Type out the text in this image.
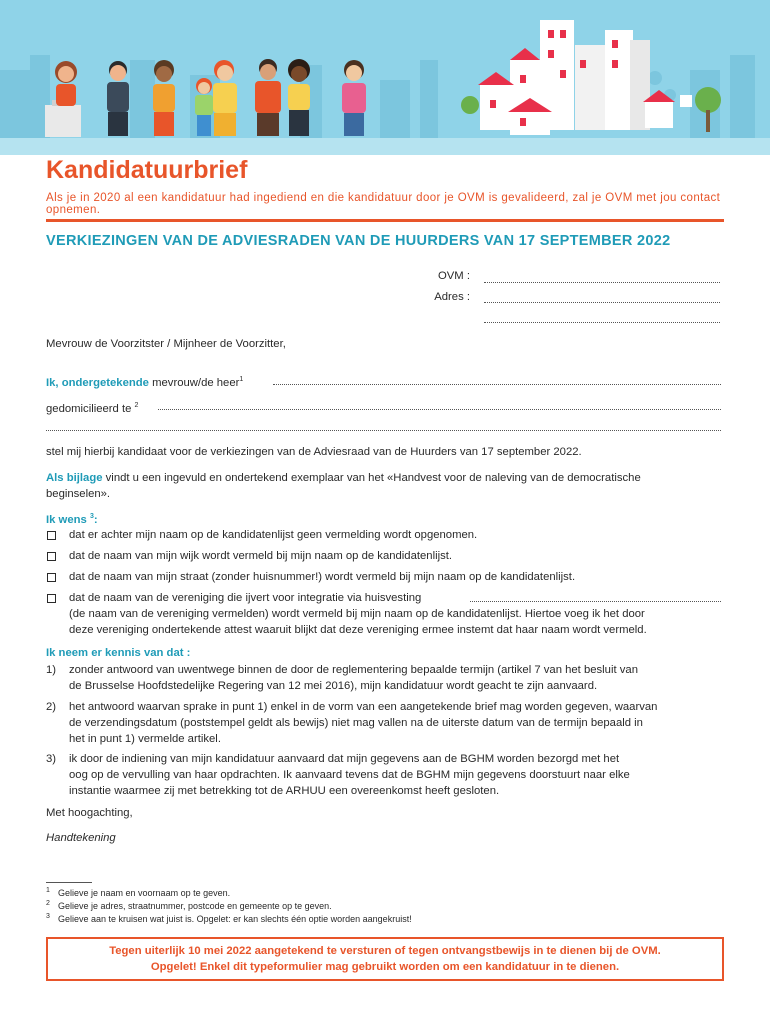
Kandidatuurbrief
Als je in 2020 al een kandidatuur had ingediend en die kandidatuur door je OVM is gevalideerd, zal je OVM met jou contact opnemen.
VERKIEZINGEN VAN DE ADVIESRADEN VAN DE HUURDERS VAN 17 SEPTEMBER 2022
OVM :
Adres :
Mevrouw de Voorzitster / Mijnheer de Voorzitter,
Ik, ondergetekende mevrouw/de heer$^1$
gedomicilieerd te $^2$
stel mij hierbij kandidaat voor de verkiezingen van de Adviesraad van de Huurders van 17 september 2022.
Als bijlage vindt u een ingevuld en ondertekend exemplaar van het «Handvest voor de naleving van de democratische
beginselen».
Ik wens $^3$:
dat er achter mijn naam op de kandidatenlijst geen vermelding wordt opgenomen.
dat de naam van mijn wijk wordt vermeld bij mijn naam op de kandidatenlijst.
dat de naam van mijn straat (zonder huisnummer!) wordt vermeld bij mijn naam op de kandidatenlijst.
dat de naam van de vereniging die ijvert voor integratie via huisvesting
(de naam van de vereniging vermelden) wordt vermeld bij mijn naam op de kandidatenlijst. Hiertoe voeg ik het door
deze vereniging ondertekende attest waaruit blijkt dat deze vereniging ermee instemt dat haar naam wordt vermeld.
Ik neem er kennis van dat :
1) zonder antwoord van uwentwege binnen de door de reglementering bepaalde termijn (artikel 7 van het besluit van
de Brusselse Hoofdstedelijke Regering van 12 mei 2016), mijn kandidatuur wordt geacht te zijn aanvaard.
2) het antwoord waarvan sprake in punt 1) enkel in de vorm van een aangetekende brief mag worden gegeven, waarvan
de verzendingsdatum (poststempel geldt als bewijs) niet mag vallen na de uiterste datum van de termijn bepaald in
het in punt 1) vermelde artikel.
3) ik door de indiening van mijn kandidatuur aanvaard dat mijn gegevens aan de BGHM worden bezorgd met het
oog op de vervulling van haar opdrachten. Ik aanvaard tevens dat de BGHM mijn gegevens doorstuurt naar elke
instantie waarmee zij met betrekking tot de ARHUU een overeenkomst heeft gesloten.
Met hoogachting,
Handtekening
$^1$ Gelieve je naam en voornaam op te geven.
$^2$ Gelieve je adres, straatnummer, postcode en gemeente op te geven.
$^3$ Gelieve aan te kruisen wat juist is. Opgelet: er kan slechts één optie worden aangekruist!
Tegen uiterlijk 10 mei 2022 aangetekend te versturen of tegen ontvangstbewijs in te dienen bij de OVM.
Opgelet! Enkel dit typeformulier mag gebruikt worden om een kandidatuur in te dienen.
